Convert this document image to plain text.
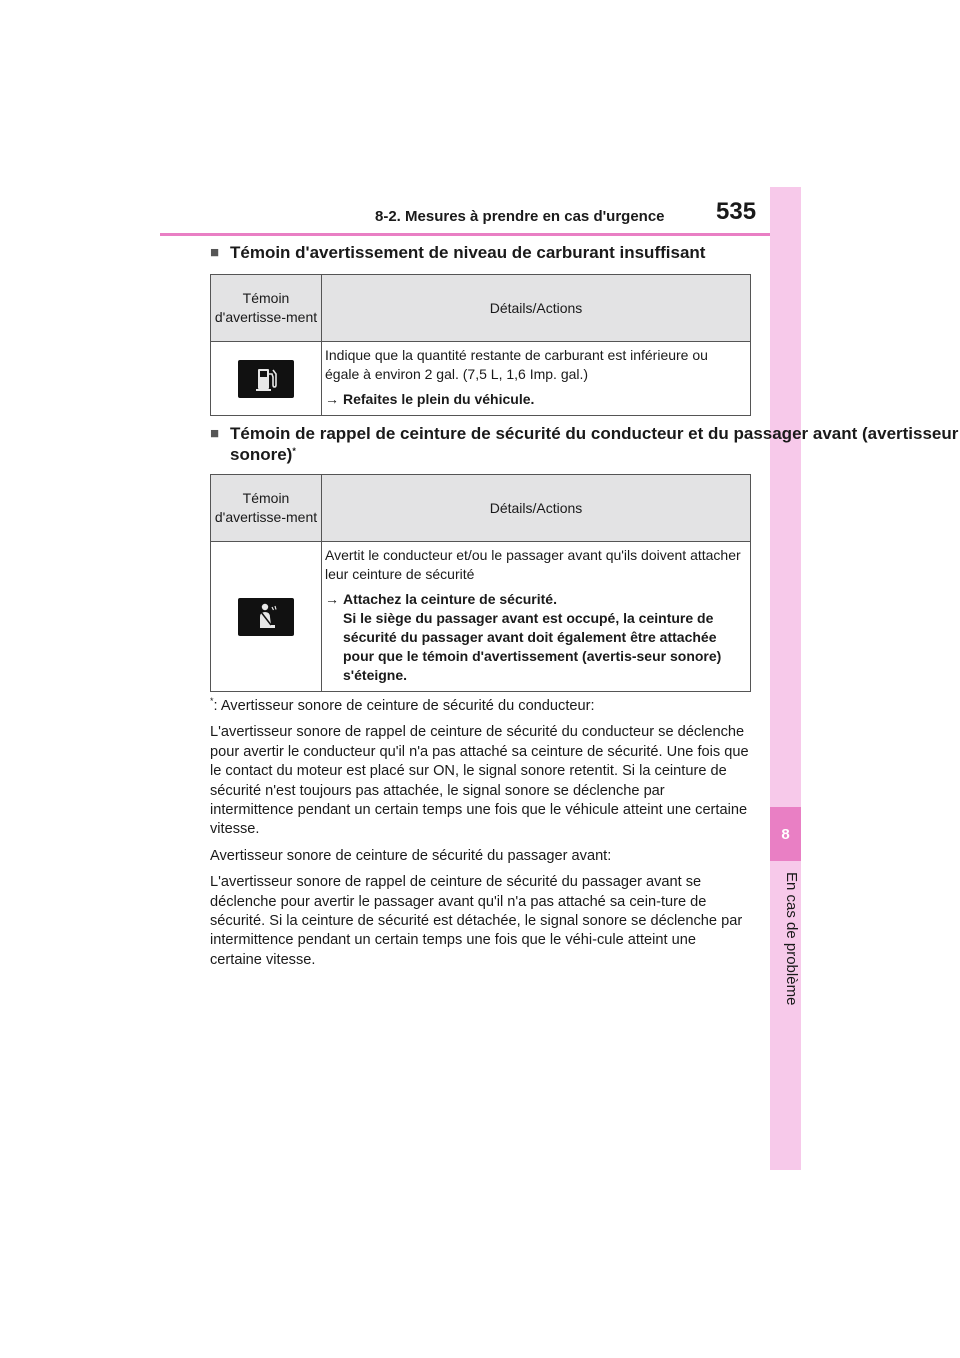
8-2. Mesures à prendre en cas d'urgence 535
8
En cas de problème
■ Témoin d'avertissement de niveau de carburant insuffisant
Témoin d'avertisse-ment	Détails/Actions

Indique que la quantité restante de carburant est inférieure ou égale à environ 2 gal. (7,5 L, 1,6 Imp. gal.)

→ Refaites le plein du véhicule.

■ Témoin de rappel de ceinture de sécurité du conducteur et du passager avant (avertisseur sonore)*
Témoin d'avertisse-ment	Détails/Actions

Avertit le conducteur et/ou le passager avant qu'ils doivent attacher leur ceinture de sécurité

→ Attachez la ceinture de sécurité.
Si le siège du passager avant est occupé, la ceinture de sécurité du passager avant doit également être attachée pour que le témoin d'avertissement (avertis-seur sonore) s'éteigne.

*: Avertisseur sonore de ceinture de sécurité du conducteur:

L'avertisseur sonore de rappel de ceinture de sécurité du conducteur se déclenche pour avertir le conducteur qu'il n'a pas attaché sa ceinture de sécurité. Une fois que le contact du moteur est placé sur ON, le signal sonore retentit. Si la ceinture de sécurité n'est toujours pas attachée, le signal sonore se déclenche par intermittence pendant un certain temps une fois que le véhicule atteint une certaine vitesse.

Avertisseur sonore de ceinture de sécurité du passager avant:

L'avertisseur sonore de rappel de ceinture de sécurité du passager avant se déclenche pour avertir le passager avant qu'il n'a pas attaché sa cein-ture de sécurité. Si la ceinture de sécurité est détachée, le signal sonore se déclenche par intermittence pendant un certain temps une fois que le véhi-cule atteint une certaine vitesse.
